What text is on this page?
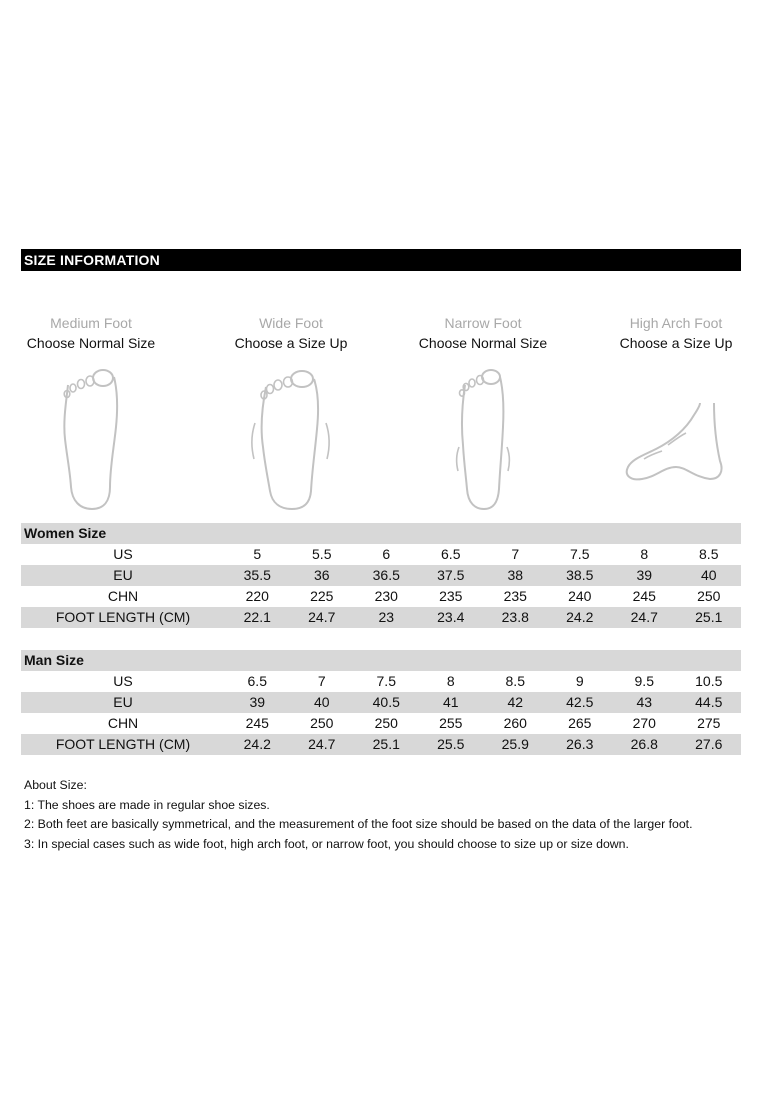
SIZE INFORMATION
Medium Foot
Choose Normal Size
Wide Foot
Choose a Size Up
Narrow Foot
Choose Normal Size
High Arch Foot
Choose a Size Up
Women Size
US	5	5.5	6	6.5	7	7.5	8	8.5
EU	35.5	36	36.5	37.5	38	38.5	39	40
CHN	220	225	230	235	235	240	245	250
FOOT LENGTH (CM)	22.1	24.7	23	23.4	23.8	24.2	24.7	25.1
Man Size
US	6.5	7	7.5	8	8.5	9	9.5	10.5
EU	39	40	40.5	41	42	42.5	43	44.5
CHN	245	250	250	255	260	265	270	275
FOOT LENGTH (CM)	24.2	24.7	25.1	25.5	25.9	26.3	26.8	27.6
About Size:
1: The shoes are made in regular shoe sizes.
2: Both feet are basically symmetrical, and the measurement of the foot size should be based on the data of the larger foot.
3: In special cases such as wide foot, high arch foot, or narrow foot, you should choose to size up or size down.
